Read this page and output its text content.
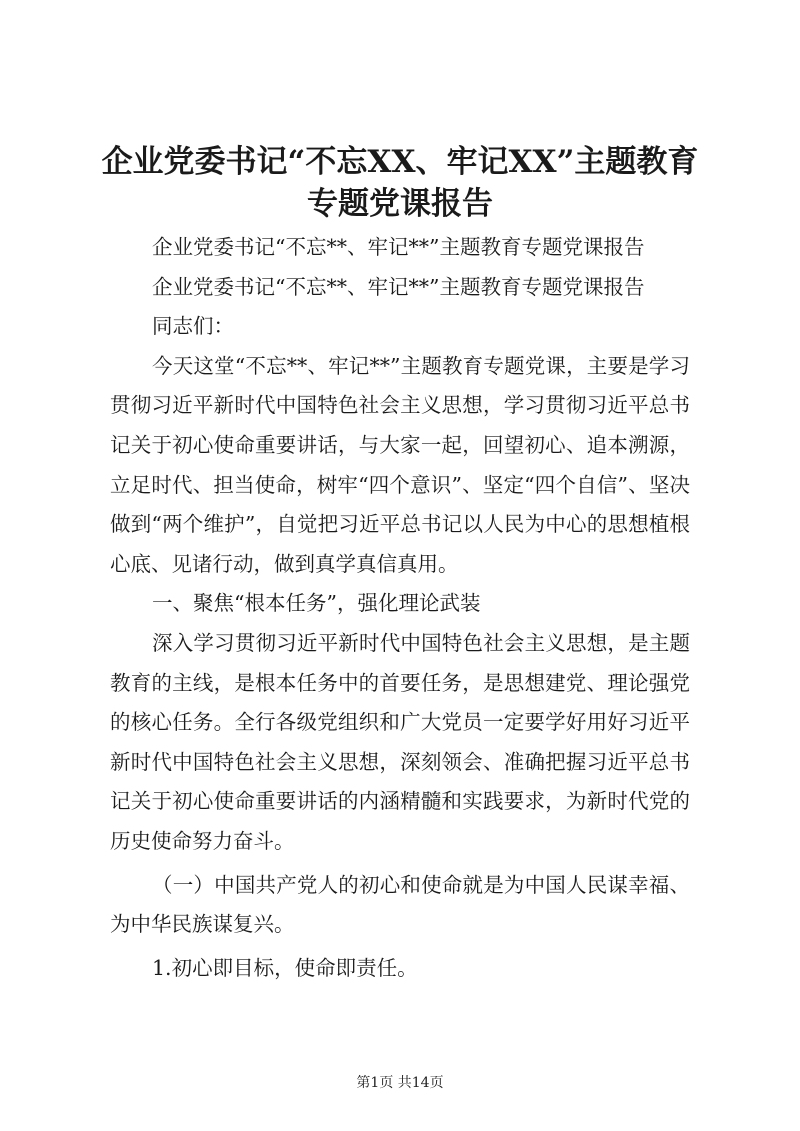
企业党委书记“不忘XX、牢记XX”主题教育
专题党课报告

企业党委书记“不忘**、牢记**”主题教育专题党课报告

企业党委书记“不忘**、牢记**”主题教育专题党课报告

同志们：

今天这堂“不忘**、牢记**”主题教育专题党课，主要是学习贯彻习近平新时代中国特色社会主义思想，学习贯彻习近平总书记关于初心使命重要讲话，与大家一起，回望初心、追本溯源，立足时代、担当使命，树牢“四个意识”、坚定“四个自信”、坚决做到“两个维护”，自觉把习近平总书记以人民为中心的思想植根心底、见诸行动，做到真学真信真用。

一、聚焦“根本任务”，强化理论武装

深入学习贯彻习近平新时代中国特色社会主义思想，是主题教育的主线，是根本任务中的首要任务，是思想建党、理论强党的核心任务。全行各级党组织和广大党员一定要学好用好习近平新时代中国特色社会主义思想，深刻领会、准确把握习近平总书记关于初心使命重要讲话的内涵精髓和实践要求，为新时代党的历史使命努力奋斗。

（一）中国共产党人的初心和使命就是为中国人民谋幸福、为中华民族谋复兴。

1.初心即目标，使命即责任。

第1页 共14页
